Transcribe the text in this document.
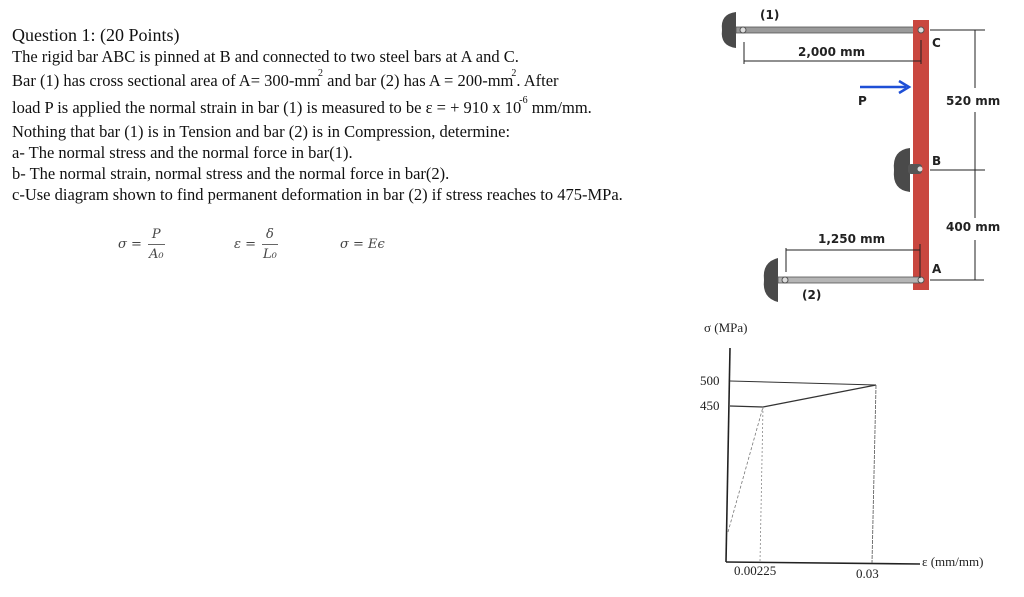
Question 1: (20 Points)
The rigid bar ABC is pinned at B and connected to two steel bars at A and C.
Bar (1) has cross sectional area of $A= 300-mm^2$ and bar (2) has $A = 200-mm^2$. After
load P is applied the normal strain in bar (1) is measured to be ε = + 910 x $10^{-6}$ mm/mm.
Nothing that bar (1) is in Tension and bar (2) is in Compression, determine:
a- The normal stress and the normal force in bar(1).
b- The normal strain, normal stress and the normal force in bar(2).
c-Use diagram shown to find permanent deformation in bar (2) if stress reaches to 475-MPa.
$\sigma = \frac{P}{\text{A₀}}$	$\varepsilon = \frac{\delta}{\text{L₀}}$	σ = Eϵ
(1)
2,000 mm
C
P	520 mm
B
400 mm
1,250 mm
A
(2)
σ (MPa)
500
450
0.00225	0.03
ε (mm/mm)
